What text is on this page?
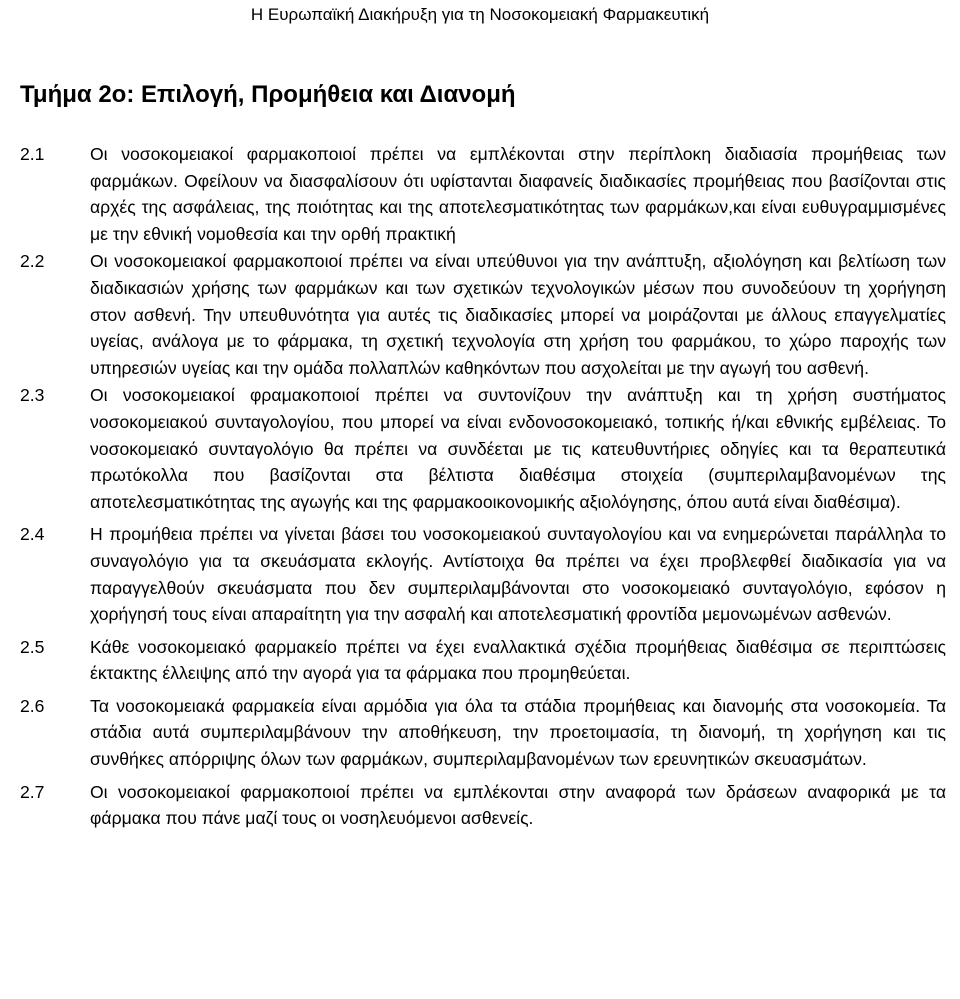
Η Ευρωπαϊκή Διακήρυξη για τη Νοσοκομειακή Φαρμακευτική
Τμήμα 2ο: Επιλογή, Προμήθεια και Διανομή
2.1	Οι νοσοκομειακοί φαρμακοποιοί πρέπει να εμπλέκονται στην περίπλοκη διαδιασία προμήθειας των φαρμάκων. Οφείλουν να διασφαλίσουν ότι υφίστανται διαφανείς διαδικασίες προμήθειας που βασίζονται στις αρχές της ασφάλειας, της ποιότητας και της αποτελεσματικότητας των φαρμάκων,και είναι ευθυγραμμισμένες με την εθνική νομοθεσία και την ορθή πρακτική
2.2	Οι νοσοκομειακοί φαρμακοποιοί πρέπει να είναι υπεύθυνοι για την ανάπτυξη, αξιολόγηση και βελτίωση των διαδικασιών χρήσης των φαρμάκων και των σχετικών τεχνολογικών μέσων που συνοδεύουν τη χορήγηση στον ασθενή. Την υπευθυνότητα για αυτές τις διαδικασίες μπορεί να μοιράζονται με άλλους επαγγελματίες υγείας, ανάλογα με το φάρμακα, τη σχετική τεχνολογία στη χρήση του φαρμάκου, το χώρο παροχής των υπηρεσιών υγείας και την ομάδα πολλαπλών καθηκόντων που ασχολείται με την αγωγή του ασθενή.
2.3	Οι νοσοκομειακοί φραμακοποιοί πρέπει να συντονίζουν την ανάπτυξη και τη χρήση συστήματος νοσοκομειακού συνταγολογίου, που μπορεί να είναι ενδονοσοκομειακό, τοπικής ή/και εθνικής εμβέλειας. Το νοσοκομειακό συνταγολόγιο θα πρέπει να συνδέεται με τις κατευθυντήριες οδηγίες και τα θεραπευτικά πρωτόκολλα που βασίζονται στα βέλτιστα διαθέσιμα στοιχεία (συμπεριλαμβανομένων της αποτελεσματικότητας της αγωγής και της φαρμακοοικονομικής αξιολόγησης, όπου αυτά είναι διαθέσιμα).
2.4	Η προμήθεια πρέπει να γίνεται βάσει του νοσοκομειακού συνταγολογίου και να ενημερώνεται παράλληλα το συναγολόγιο για τα σκευάσματα εκλογής. Αντίστοιχα θα πρέπει να έχει προβλεφθεί διαδικασία για να παραγγελθούν σκευάσματα που δεν συμπεριλαμβάνονται στο νοσοκομειακό συνταγολόγιο, εφόσον η χορήγησή τους είναι απαραίτητη για την ασφαλή και αποτελεσματική φροντίδα μεμονωμένων ασθενών.
2.5	Κάθε νοσοκομειακό φαρμακείο πρέπει να έχει εναλλακτικά σχέδια προμήθειας διαθέσιμα σε περιπτώσεις έκτακτης έλλειψης από την αγορά για τα φάρμακα που προμηθεύεται.
2.6	Τα νοσοκομειακά φαρμακεία είναι αρμόδια για όλα τα στάδια προμήθειας και διανομής στα νοσοκομεία. Τα στάδια αυτά συμπεριλαμβάνουν την αποθήκευση, την προετοιμασία, τη διανομή, τη χορήγηση και τις συνθήκες απόρριψης όλων των φαρμάκων, συμπεριλαμβανομένων των ερευνητικών σκευασμάτων.
2.7	Οι νοσοκομειακοί φαρμακοποιοί πρέπει να εμπλέκονται στην αναφορά των δράσεων αναφορικά με τα φάρμακα που πάνε μαζί τους οι νοσηλευόμενοι ασθενείς.
